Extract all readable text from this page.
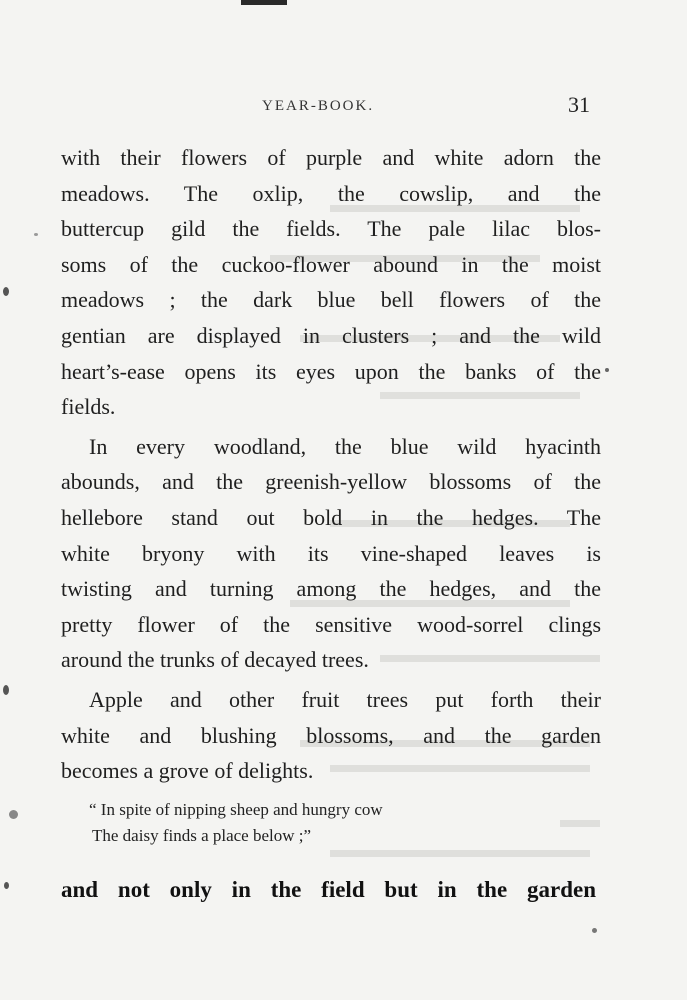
YEAR-BOOK.	31
with their flowers of purple and white adorn the
meadows. The oxlip, the cowslip, and the
buttercup gild the fields. The pale lilac blos-
soms of the cuckoo-flower abound in the moist
meadows ; the dark blue bell flowers of the
gentian are displayed in clusters ; and the wild
heart’s-ease opens its eyes upon the banks of the
fields.
In every woodland, the blue wild hyacinth
abounds, and the greenish-yellow blossoms of the
hellebore stand out bold in the hedges. The
white bryony with its vine-shaped leaves is
twisting and turning among the hedges, and the
pretty flower of the sensitive wood-sorrel clings
around the trunks of decayed trees.
Apple and other fruit trees put forth their
white and blushing blossoms, and the garden
becomes a grove of delights.
“ In spite of nipping sheep and hungry cow
The daisy finds a place below ;”
and not only in the field but in the garden
